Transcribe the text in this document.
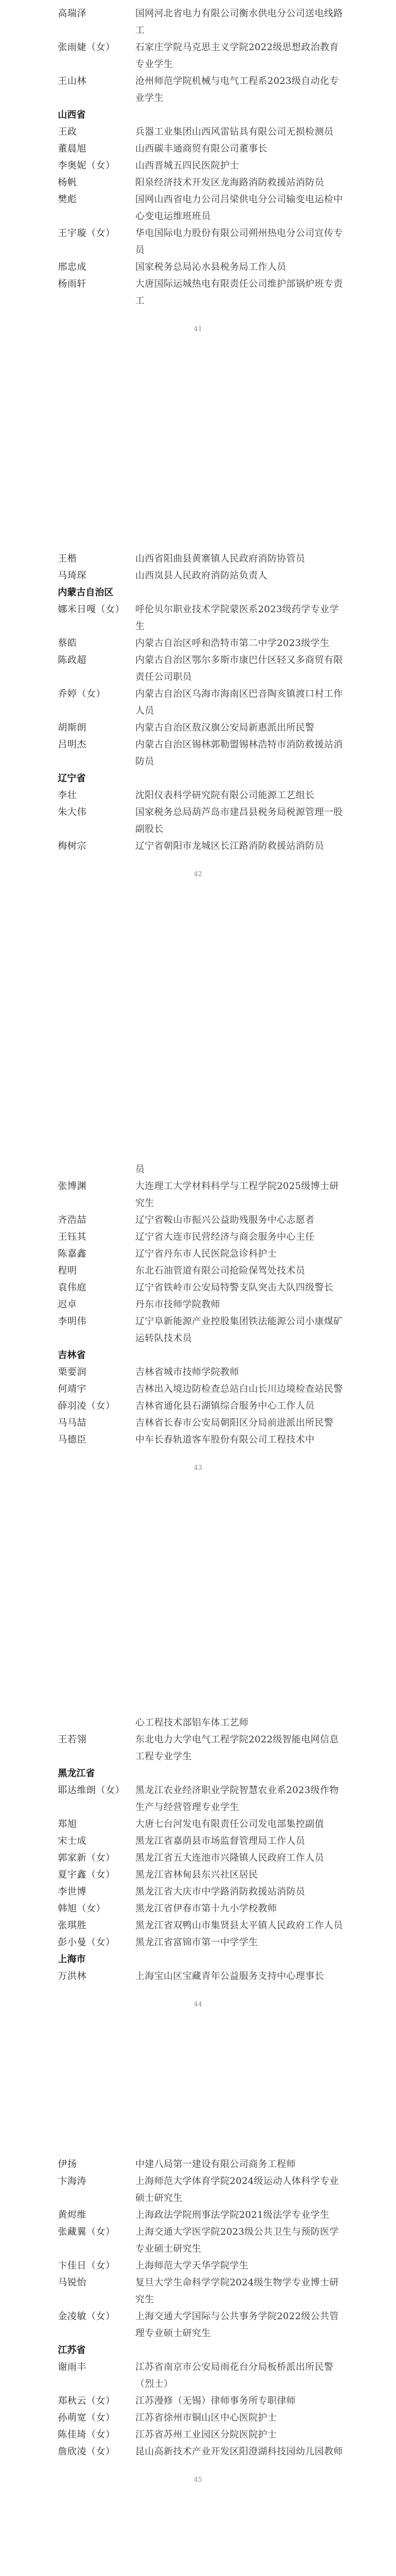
高瑞泽	国网河北省电力有限公司衡水供电分公司送电线路工
张雨婕（女）	石家庄学院马克思主义学院2022级思想政治教育专业学生
王山林	沧州师范学院机械与电气工程系2023级自动化专业学生
山西省
王政	兵器工业集团山西风雷钻具有限公司无损检测员
董晨旭	山西碳丰通商贸有限公司董事长
李奥妮（女）	山西晋城五四民医院护士
杨帆	阳泉经济技术开发区龙海路消防救援站消防员
樊彪	国网山西省电力公司吕梁供电分公司输变电运检中心变电运维班班员
王宇璇（女）	华电国际电力股份有限公司朔州热电分公司宣传专员
邢忠成	国家税务总局沁水县税务局工作人员
杨雨轩	大唐国际运城热电有限责任公司维护部锅炉班专责工
41
王楷	山西省阳曲县黄寨镇人民政府消防协管员
马琦琛	山西岚县人民政府消防站负责人
内蒙古自治区
娜米日嘎（女）	呼伦贝尔职业技术学院蒙医系2023级药学专业学生
蔡皓	内蒙古自治区呼和浩特市第二中学2023级学生
陈政超	内蒙古自治区鄂尔多斯市康巴什区轻又多商贸有限责任公司职员
乔婷（女）	内蒙古自治区乌海市海南区巴音陶亥镇渡口村工作人员
胡斯朗	内蒙古自治区敖汉旗公安局新惠派出所民警
吕明杰	内蒙古自治区锡林郭勒盟锡林浩特市消防救援站消防员
辽宁省
李壮	沈阳仪表科学研究院有限公司能源工艺组长
朱大伟	国家税务总局葫芦岛市建昌县税务局税源管理一股副股长
梅树宗	辽宁省朝阳市龙城区长江路消防救援站消防员
42
员
张博渊	大连理工大学材料科学与工程学院2025级博士研究生
齐浩喆	辽宁省鞍山市振兴公益助残服务中心志愿者
王钰其	辽宁省大连市民营经济与商会服务中心主任
陈嘉鑫	辽宁省丹东市人民医院急诊科护士
程明	东北石油管道有限公司抢险保驾处技术员
袁伟庭	辽宁省铁岭市公安局特警支队突击大队四级警长
迟卓	丹东市技师学院教师
李明伟	辽宁阜新能源产业控股集团铁法能源公司小康煤矿运转队技术员
吉林省
栗要润	吉林省城市技师学院教师
何靖宇	吉林出入境边防检查总站白山长川边境检查站民警
薛羽凌（女）	吉林省通化县石湖镇综合服务中心工作人员
马马喆	吉林省长春市公安局朝阳区分局前进派出所民警
马德臣	中车长春轨道客车股份有限公司工程技术中
43
心工程技术部铝车体工艺师
王若翎	东北电力大学电气工程学院2022级智能电网信息工程专业学生
黑龙江省
耶达维朗（女）	黑龙江农业经济职业学院智慧农业系2023级作物生产与经营管理专业学生
郑旭	大唐七台河发电有限责任公司发电部集控副值
宋士成	黑龙江省嘉荫县市场监督管理局工作人员
郭家新（女）	黑龙江省五大连池市兴隆镇人民政府工作人员
夏宇鑫（女）	黑龙江省林甸县东兴社区居民
李世博	黑龙江省大庆市中学路消防救援站消防员
韩旭（女）	黑龙江省伊春市第十九小学校教师
张琪胜	黑龙江省双鸭山市集贤县太平镇人民政府工作人员
彭小曼（女）	黑龙江省富锦市第一中学学生
上海市
万洪林	上海宝山区宝藏青年公益服务支持中心理事长
44
伊扬	中建八局第一建设有限公司商务工程师
卞海涛	上海师范大学体育学院2024级运动人体科学专业硕士研究生
黄烬维	上海政法学院刑事法学院2021级法学专业学生
张藏翼（女）	上海交通大学医学院2023级公共卫生与预防医学专业硕士研究生
卞佳日（女）	上海师范大学天华学院学生
马锐怡	复旦大学生命科学学院2024级生物学专业博士研究生
金凌敏（女）	上海交通大学国际与公共事务学院2022级公共管理专业硕士研究生
江苏省
谢雨丰	江苏省南京市公安局雨花台分局板桥派出所民警（烈士）
郑秋云（女）	江苏漫修（无锡）律师事务所专职律师
孙萌宽（女）	江苏省徐州市铜山区中心医院护士
陈佳琦（女）	江苏省苏州工业园区分院医院护士
詹欣凌（女）	昆山高新技术产业开发区阳澄湖科技园幼儿园教师
45
